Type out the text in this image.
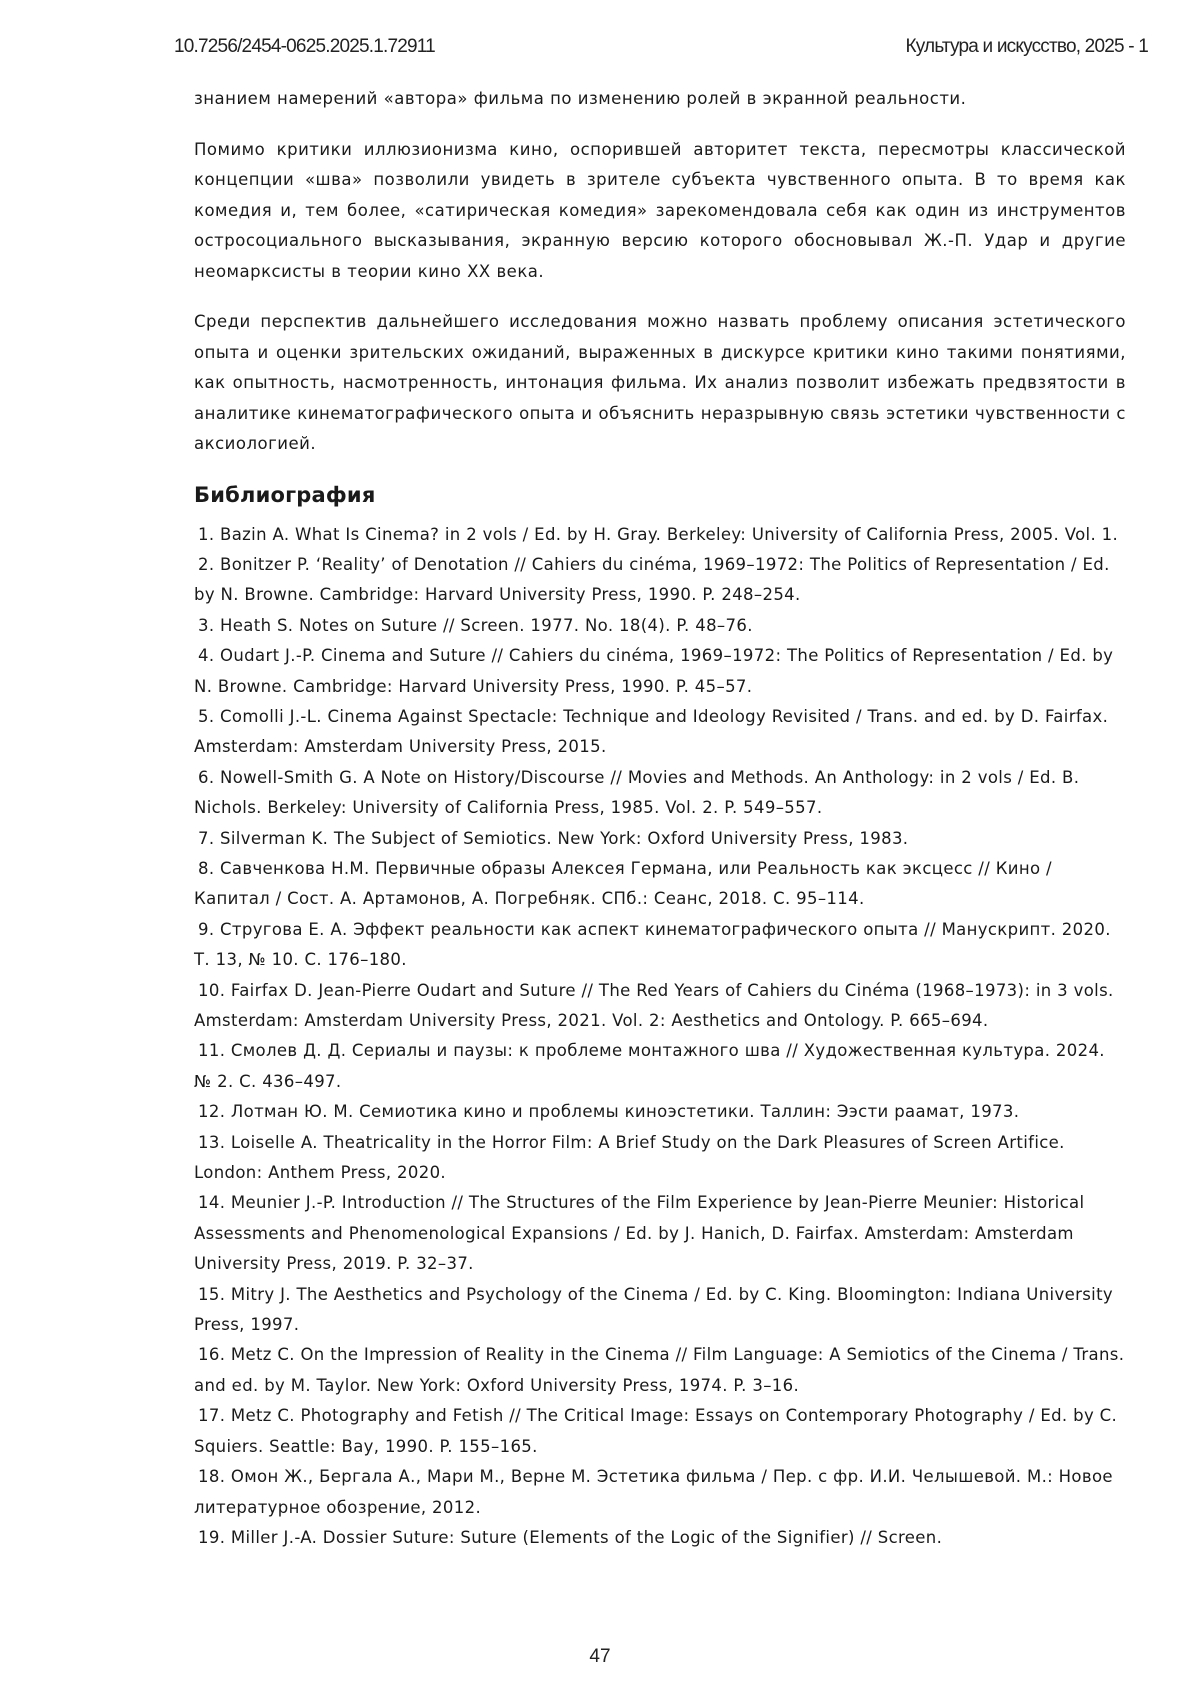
10.7256/2454-0625.2025.1.72911	Культура и искусство, 2025 - 1

знанием намерений «автора» фильма по изменению ролей в экранной реальности.

Помимо критики иллюзионизма кино, оспорившей авторитет текста, пересмотры классической концепции «шва» позволили увидеть в зрителе субъекта чувственного опыта. В то время как комедия и, тем более, «сатирическая комедия» зарекомендовала себя как один из инструментов остросоциального высказывания, экранную версию которого обосновывал Ж.-П. Удар и другие неомарксисты в теории кино XX века.

Среди перспектив дальнейшего исследования можно назвать проблему описания эстетического опыта и оценки зрительских ожиданий, выраженных в дискурсе критики кино такими понятиями, как опытность, насмотренность, интонация фильма. Их анализ позволит избежать предвзятости в аналитике кинематографического опыта и объяснить неразрывную связь эстетики чувственности с аксиологией.

Библиография
1. Bazin A. What Is Cinema? in 2 vols / Ed. by H. Gray. Berkeley: University of California Press, 2005. Vol. 1.
2. Bonitzer P. ‘Reality’ of Denotation // Cahiers du cinéma, 1969–1972: The Politics of Representation / Ed. by N. Browne. Cambridge: Harvard University Press, 1990. P. 248–254.
3. Heath S. Notes on Suture // Screen. 1977. No. 18(4). P. 48–76.
4. Oudart J.-P. Cinema and Suture // Cahiers du cinéma, 1969–1972: The Politics of Representation / Ed. by N. Browne. Cambridge: Harvard University Press, 1990. P. 45–57.
5. Comolli J.-L. Cinema Against Spectacle: Technique and Ideology Revisited / Trans. and ed. by D. Fairfax. Amsterdam: Amsterdam University Press, 2015.
6. Nowell-Smith G. A Note on History/Discourse // Movies and Methods. An Anthology: in 2 vols / Ed. B. Nichols. Berkeley: University of California Press, 1985. Vol. 2. P. 549–557.
7. Silverman K. The Subject of Semiotics. New York: Oxford University Press, 1983.
8. Савченкова Н.М. Первичные образы Алексея Германа, или Реальность как эксцесс // Кино / Капитал / Сост. А. Артамонов, А. Погребняк. СПб.: Сеанс, 2018. С. 95–114.
9. Стругова Е. А. Эффект реальности как аспект кинематографического опыта // Манускрипт. 2020. Т. 13, № 10. С. 176–180.
10. Fairfax D. Jean-Pierre Oudart and Suture // The Red Years of Cahiers du Cinéma (1968–1973): in 3 vols. Amsterdam: Amsterdam University Press, 2021. Vol. 2: Aesthetics and Ontology. P. 665–694.
11. Смолев Д. Д. Сериалы и паузы: к проблеме монтажного шва // Художественная культура. 2024. № 2. С. 436–497.
12. Лотман Ю. М. Семиотика кино и проблемы киноэстетики. Таллин: Ээсти раамат, 1973.
13. Loiselle A. Theatricality in the Horror Film: A Brief Study on the Dark Pleasures of Screen Artifice. London: Anthem Press, 2020.
14. Meunier J.-P. Introduction // The Structures of the Film Experience by Jean-Pierre Meunier: Historical Assessments and Phenomenological Expansions / Ed. by J. Hanich, D. Fairfax. Amsterdam: Amsterdam University Press, 2019. P. 32–37.
15. Mitry J. The Aesthetics and Psychology of the Cinema / Ed. by C. King. Bloomington: Indiana University Press, 1997.
16. Metz C. On the Impression of Reality in the Cinema // Film Language: A Semiotics of the Cinema / Trans. and ed. by M. Taylor. New York: Oxford University Press, 1974. P. 3–16.
17. Metz C. Photography and Fetish // The Critical Image: Essays on Contemporary Photography / Ed. by C. Squiers. Seattle: Bay, 1990. P. 155–165.
18. Омон Ж., Бергала А., Мари М., Верне М. Эстетика фильма / Пер. с фр. И.И. Челышевой. М.: Новое литературное обозрение, 2012.
19. Miller J.-A. Dossier Suture: Suture (Elements of the Logic of the Signifier) // Screen.
47
